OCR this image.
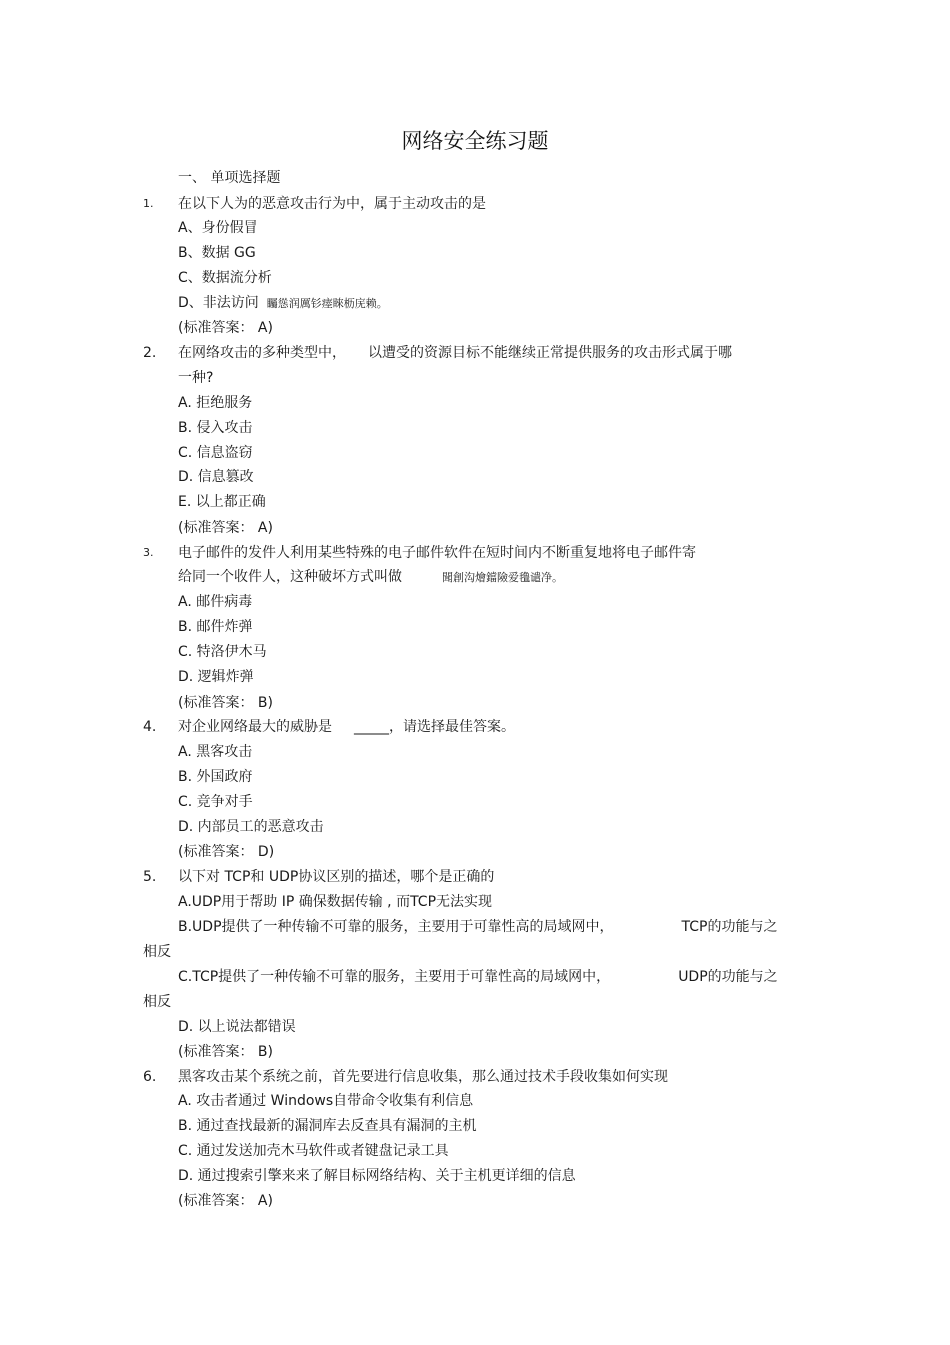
网络安全练习题
一、 单项选择题
1. 在以下人为的恶意攻击行为中，属于主动攻击的是
A、身份假冒
B、数据 GG
C、数据流分析
D、非法访问 矚慫润厲钐瘗睞枥庑赖。
(标准答案： A)
2. 在网络攻击的多种类型中， 以遭受的资源目标不能继续正常提供服务的攻击形式属于哪
一种?
A. 拒绝服务
B. 侵入攻击
C. 信息盗窃
D. 信息篡改
E. 以上都正确
(标准答案： A)
3. 电子邮件的发件人利用某些特殊的电子邮件软件在短时间内不断重复地将电子邮件寄
给同一个收件人，这种破坏方式叫做	聞創沟燴鐺險爱氇谴净。
A. 邮件病毒
B. 邮件炸弹
C. 特洛伊木马
D. 逻辑炸弹
(标准答案： B)
4. 对企业网络最大的威胁是 _____，请选择最佳答案。
A. 黑客攻击
B. 外国政府
C. 竞争对手
D. 内部员工的恶意攻击
(标准答案： D)
5. 以下对 TCP和 UDP协议区别的描述，哪个是正确的
A.UDP用于帮助 IP 确保数据传输 , 而TCP无法实现
B.UDP提供了一种传输不可靠的服务，主要用于可靠性高的局域网中，	TCP的功能与之
相反
C.TCP提供了一种传输不可靠的服务，主要用于可靠性高的局域网中，	UDP的功能与之
相反
D. 以上说法都错误
(标准答案： B)
6. 黑客攻击某个系统之前，首先要进行信息收集，那么通过技术手段收集如何实现
A. 攻击者通过 Windows自带命令收集有利信息
B. 通过查找最新的漏洞库去反查具有漏洞的主机
C. 通过发送加壳木马软件或者键盘记录工具
D. 通过搜索引擎来来了解目标网络结构、关于主机更详细的信息
(标准答案： A)
